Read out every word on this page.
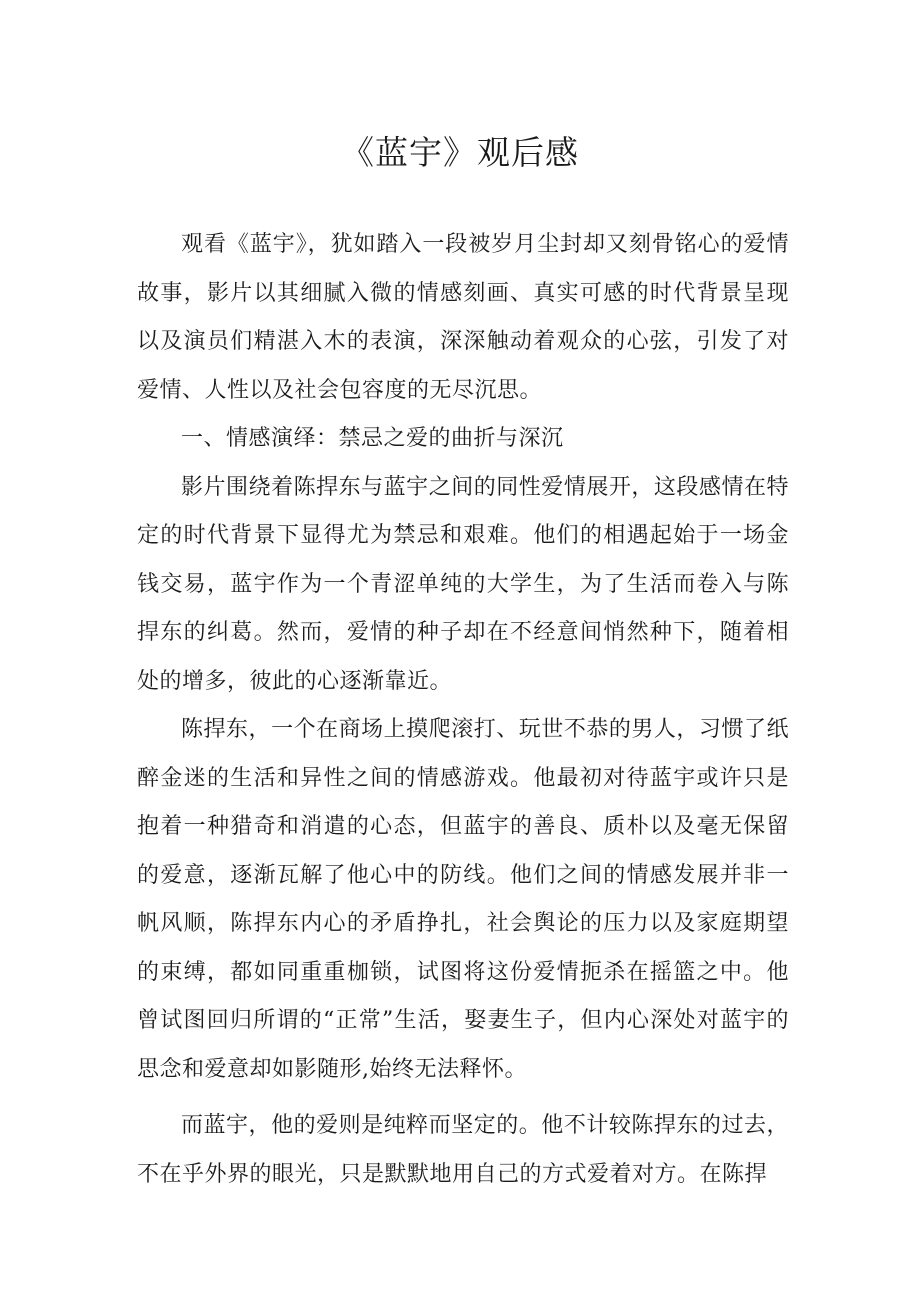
《蓝宇》观后感

观看《蓝宇》，犹如踏入一段被岁月尘封却又刻骨铭心的爱情故事，影片以其细腻入微的情感刻画、真实可感的时代背景呈现以及演员们精湛入木的表演，深深触动着观众的心弦，引发了对爱情、人性以及社会包容度的无尽沉思。

一、情感演绎：禁忌之爱的曲折与深沉

影片围绕着陈捍东与蓝宇之间的同性爱情展开，这段感情在特定的时代背景下显得尤为禁忌和艰难。他们的相遇起始于一场金钱交易，蓝宇作为一个青涩单纯的大学生，为了生活而卷入与陈捍东的纠葛。然而，爱情的种子却在不经意间悄然种下，随着相处的增多，彼此的心逐渐靠近。

陈捍东，一个在商场上摸爬滚打、玩世不恭的男人，习惯了纸醉金迷的生活和异性之间的情感游戏。他最初对待蓝宇或许只是抱着一种猎奇和消遣的心态，但蓝宇的善良、质朴以及毫无保留的爱意，逐渐瓦解了他心中的防线。他们之间的情感发展并非一帆风顺，陈捍东内心的矛盾挣扎，社会舆论的压力以及家庭期望的束缚，都如同重重枷锁，试图将这份爱情扼杀在摇篮之中。他曾试图回归所谓的“正常”生活，娶妻生子，但内心深处对蓝宇的思念和爱意却如影随形,始终无法释怀。

而蓝宇，他的爱则是纯粹而坚定的。他不计较陈捍东的过去，不在乎外界的眼光，只是默默地用自己的方式爱着对方。在陈捍
